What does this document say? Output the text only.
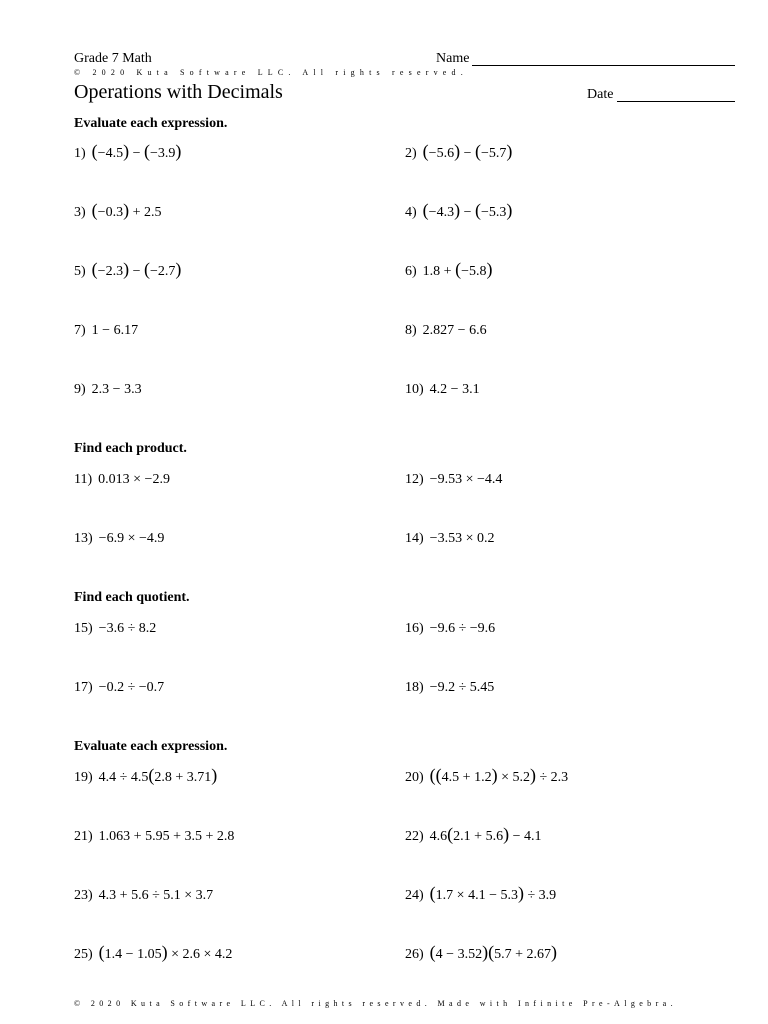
Grade 7 Math	Name
© 2020 Kuta Software LLC. All rights reserved.
Operations with Decimals	Date
Evaluate each expression.
Find each product.
Find each quotient.
Evaluate each expression.
1) (−4.5) − (−3.9)	2) (−5.6) − (−5.7)
3) (−0.3) + 2.5	4) (−4.3) − (−5.3)
5) (−2.3) − (−2.7)	6) 1.8 + (−5.8)
7) 1 − 6.17	8) 2.827 − 6.6
9) 2.3 − 3.3	10) 4.2 − 3.1
11) 0.013 × −2.9	12) −9.53 × −4.4
13) −6.9 × −4.9	14) −3.53 × 0.2
15) −3.6 ÷ 8.2	16) −9.6 ÷ −9.6
17) −0.2 ÷ −0.7	18) −9.2 ÷ 5.45
19) 4.4 ÷ 4.5(2.8 + 3.71)	20) ((4.5 + 1.2) × 5.2) ÷ 2.3
21) 1.063 + 5.95 + 3.5 + 2.8	22) 4.6(2.1 + 5.6) − 4.1
23) 4.3 + 5.6 ÷ 5.1 × 3.7	24) (1.7 × 4.1 − 5.3) ÷ 3.9
25) (1.4 − 1.05) × 2.6 × 4.2	26) (4 − 3.52)(5.7 + 2.67)
© 2020 Kuta Software LLC. All rights reserved. Made with Infinite Pre-Algebra.
